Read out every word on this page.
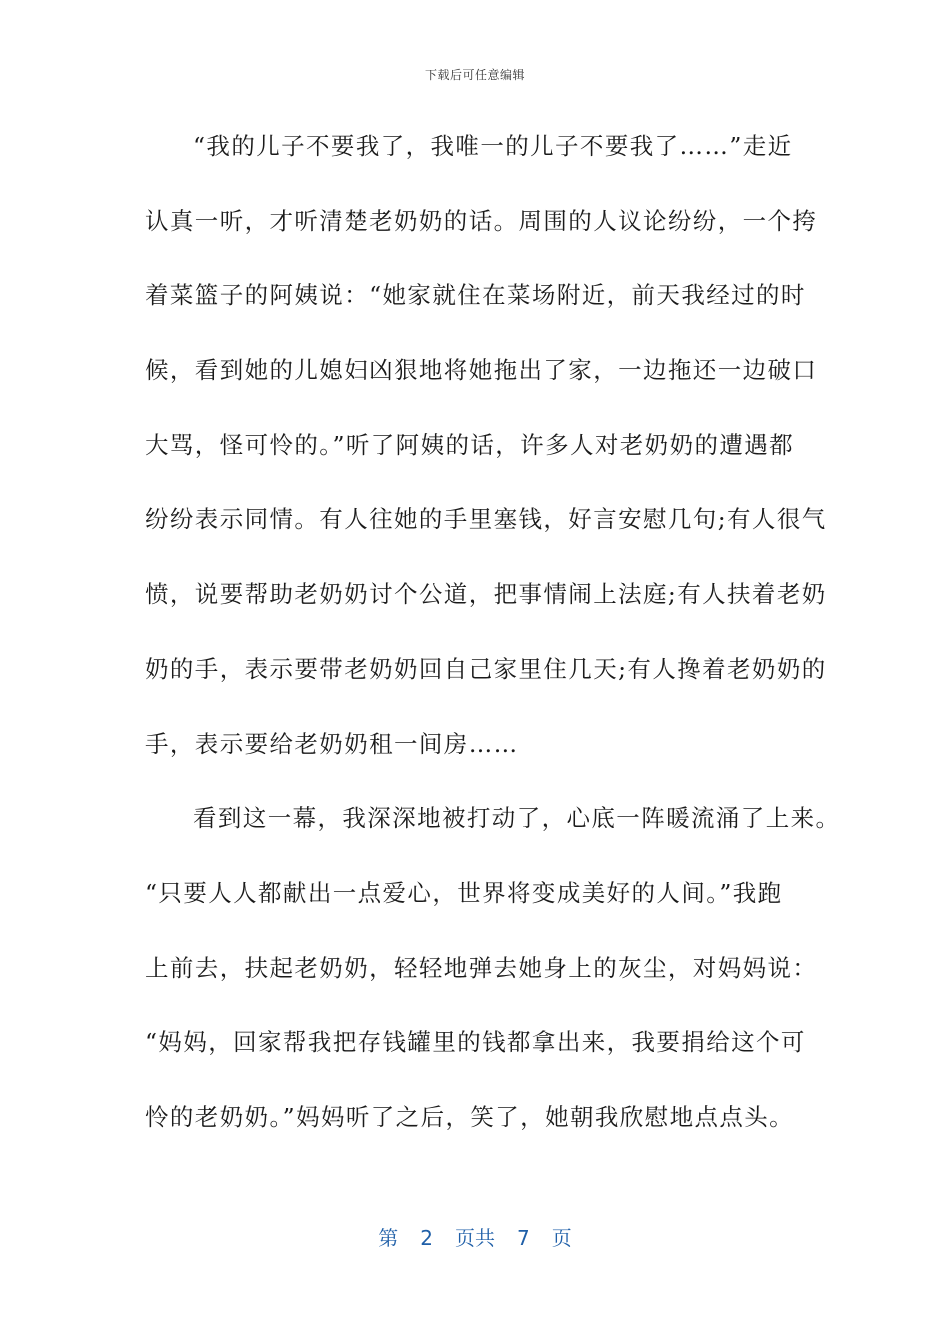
下载后可任意编辑
“我的儿子不要我了，我唯一的儿子不要我了……”走近
认真一听，才听清楚老奶奶的话。周围的人议论纷纷，一个挎
着菜篮子的阿姨说：“她家就住在菜场附近，前天我经过的时
候，看到她的儿媳妇凶狠地将她拖出了家，一边拖还一边破口
大骂，怪可怜的。”听了阿姨的话，许多人对老奶奶的遭遇都
纷纷表示同情。有人往她的手里塞钱，好言安慰几句;有人很气
愤，说要帮助老奶奶讨个公道，把事情闹上法庭;有人扶着老奶
奶的手，表示要带老奶奶回自己家里住几天;有人搀着老奶奶的
手，表示要给老奶奶租一间房……
看到这一幕，我深深地被打动了，心底一阵暖流涌了上来。
“只要人人都献出一点爱心，世界将变成美好的人间。”我跑
上前去，扶起老奶奶，轻轻地弹去她身上的灰尘，对妈妈说：
“妈妈，回家帮我把存钱罐里的钱都拿出来，我要捐给这个可
怜的老奶奶。”妈妈听了之后，笑了，她朝我欣慰地点点头。
第 2 页共 7 页
